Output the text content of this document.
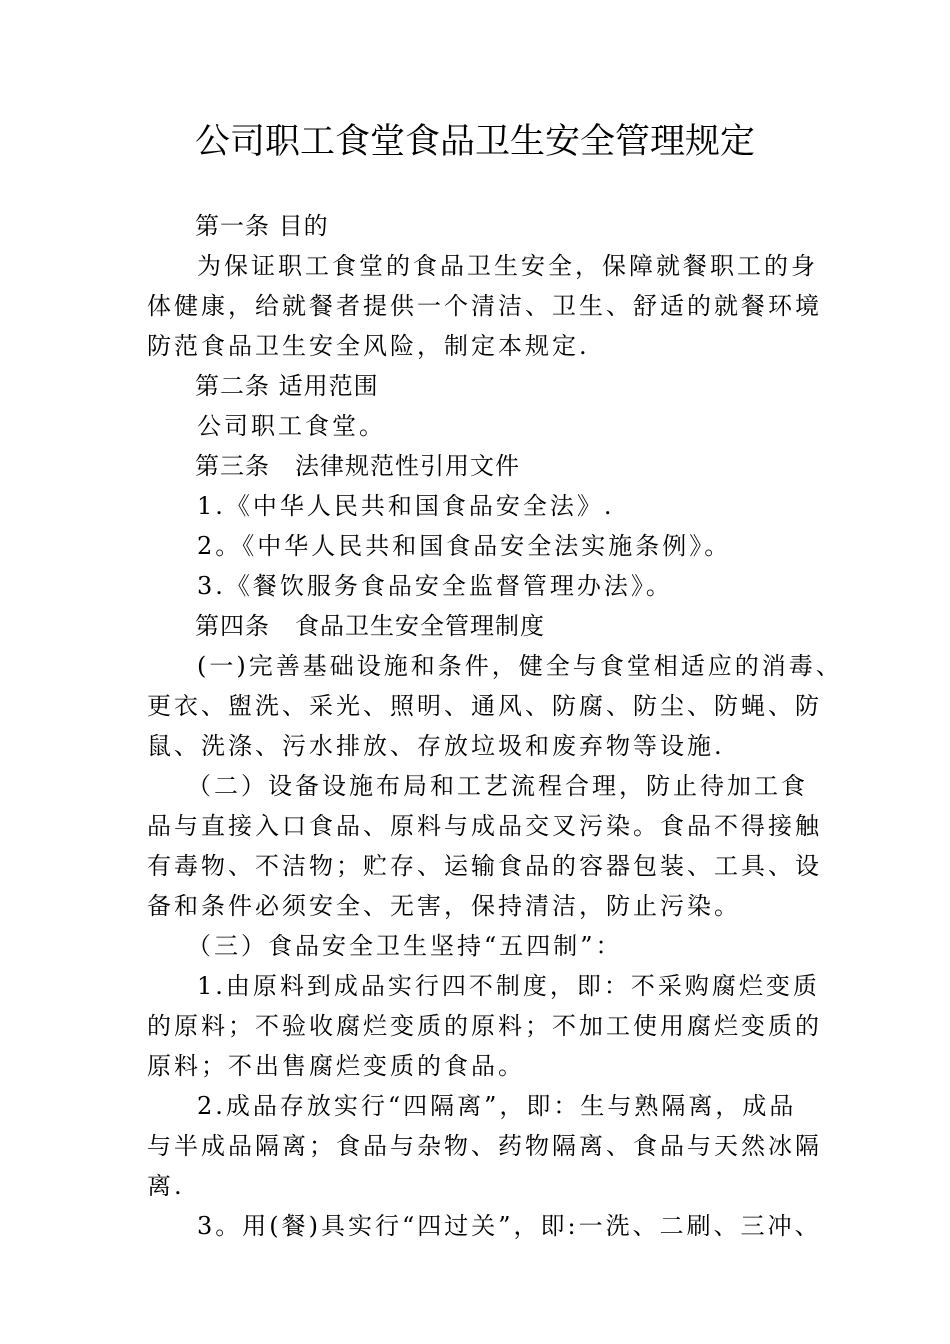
公司职工食堂食品卫生安全管理规定
第一条 目的
为保证职工食堂的食品卫生安全，保障就餐职工的身
体健康，给就餐者提供一个清洁、卫生、舒适的就餐环境
防范食品卫生安全风险，制定本规定.
第二条 适用范围
公司职工食堂。
第三条　法律规范性引用文件
1.《中华人民共和国食品安全法》.
2。《中华人民共和国食品安全法实施条例》。
3.《餐饮服务食品安全监督管理办法》。
第四条　食品卫生安全管理制度
(一)完善基础设施和条件，健全与食堂相适应的消毒、
更衣、盥洗、采光、照明、通风、防腐、防尘、防蝇、防
鼠、洗涤、污水排放、存放垃圾和废弃物等设施.
（二）设备设施布局和工艺流程合理，防止待加工食
品与直接入口食品、原料与成品交叉污染。食品不得接触
有毒物、不洁物；贮存、运输食品的容器包装、工具、设
备和条件必须安全、无害，保持清洁，防止污染。
（三）食品安全卫生坚持“五四制”：
1.由原料到成品实行四不制度，即：不采购腐烂变质
的原料；不验收腐烂变质的原料；不加工使用腐烂变质的
原料；不出售腐烂变质的食品。
2.成品存放实行“四隔离”，即：生与熟隔离，成品
与半成品隔离；食品与杂物、药物隔离、食品与天然冰隔
离.
3。用(餐)具实行“四过关”，即:一洗、二刷、三冲、
